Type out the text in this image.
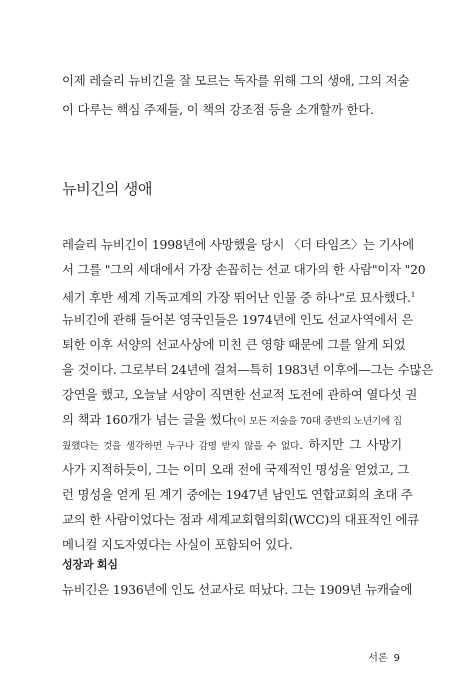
이제 레슬리 뉴비긴을 잘 모르는 독자를 위해 그의 생애, 그의 저술
이 다루는 핵심 주제들, 이 책의 강조점 등을 소개할까 한다.
뉴비긴의 생애
레슬리 뉴비긴이 1998년에 사망했을 당시 〈더 타임즈〉는 기사에
서 그를 "그의 세대에서 가장 손꼽히는 선교 대가의 한 사람"이자 "20
세기 후반 세계 기독교계의 가장 뛰어난 인물 중 하나"로 묘사했다.$^1$
뉴비긴에 관해 들어본 영국인들은 1974년에 인도 선교사역에서 은
퇴한 이후 서양의 선교사상에 미친 큰 영향 때문에 그를 알게 되었
을 것이다. 그로부터 24년에 걸쳐—특히 1983년 이후에—그는 수많은
강연을 했고, 오늘날 서양이 직면한 선교적 도전에 관하여 열다섯 권
의 책과 160개가 넘는 글을 썼다(이 모든 저술을 70대 중반의 노년기에 집
웠했다는 것을 생각하면 누구나 감명 받지 않을 수 없다. 하지만 그 사망기
사가 지적하듯이, 그는 이미 오래 전에 국제적인 명성을 얻었고, 그
런 명성을 얻게 된 계기 중에는 1947년 남인도 연합교회의 초대 주
교의 한 사람이었다는 점과 세계교회협의회(WCC)의 대표적인 에큐
메니컬 지도자였다는 사실이 포함되어 있다.
성장과 회심
뉴비긴은 1936년에 인도 선교사로 떠났다. 그는 1909년 뉴캐슬에
서론 9
